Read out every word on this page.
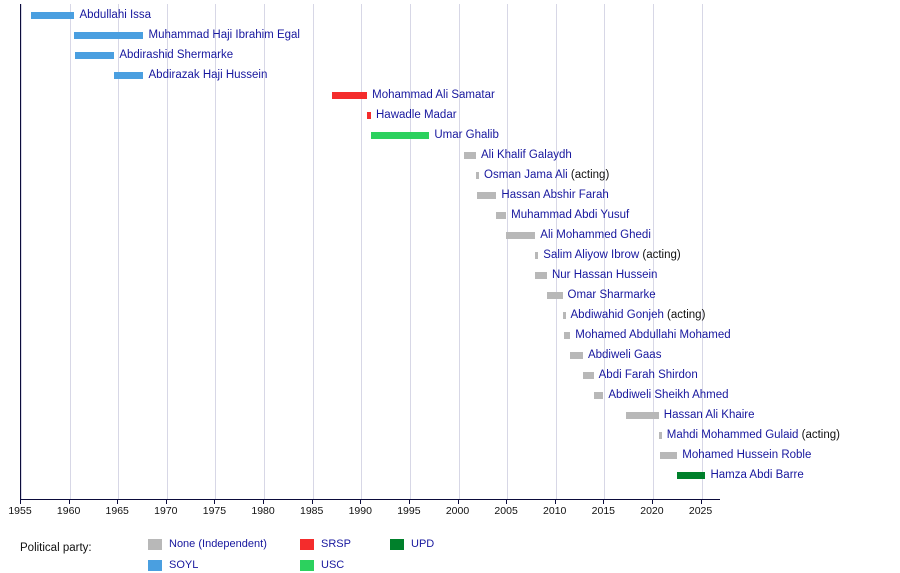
Abdullahi Issa
Muhammad Haji Ibrahim Egal
Abdirashid Shermarke
Abdirazak Haji Hussein
Mohammad Ali Samatar
Hawadle Madar
Umar Ghalib
Ali Khalif Galaydh
Osman Jama Ali (acting)
Hassan Abshir Farah
Muhammad Abdi Yusuf
Ali Mohammed Ghedi
Salim Aliyow Ibrow (acting)
Nur Hassan Hussein
Omar Sharmarke
Abdiwahid Gonjeh (acting)
Mohamed Abdullahi Mohamed
Abdiweli Gaas
Abdi Farah Shirdon
Abdiweli Sheikh Ahmed
Hassan Ali Khaire
Mahdi Mohammed Gulaid (acting)
Mohamed Hussein Roble
Hamza Abdi Barre
1955 1960 1965 1970 1975 1980 1985 1990 1995 2000 2005 2010 2015 2020 2025
Political party:	None (Independent)	SRSP	UPD
SOYL	USC
